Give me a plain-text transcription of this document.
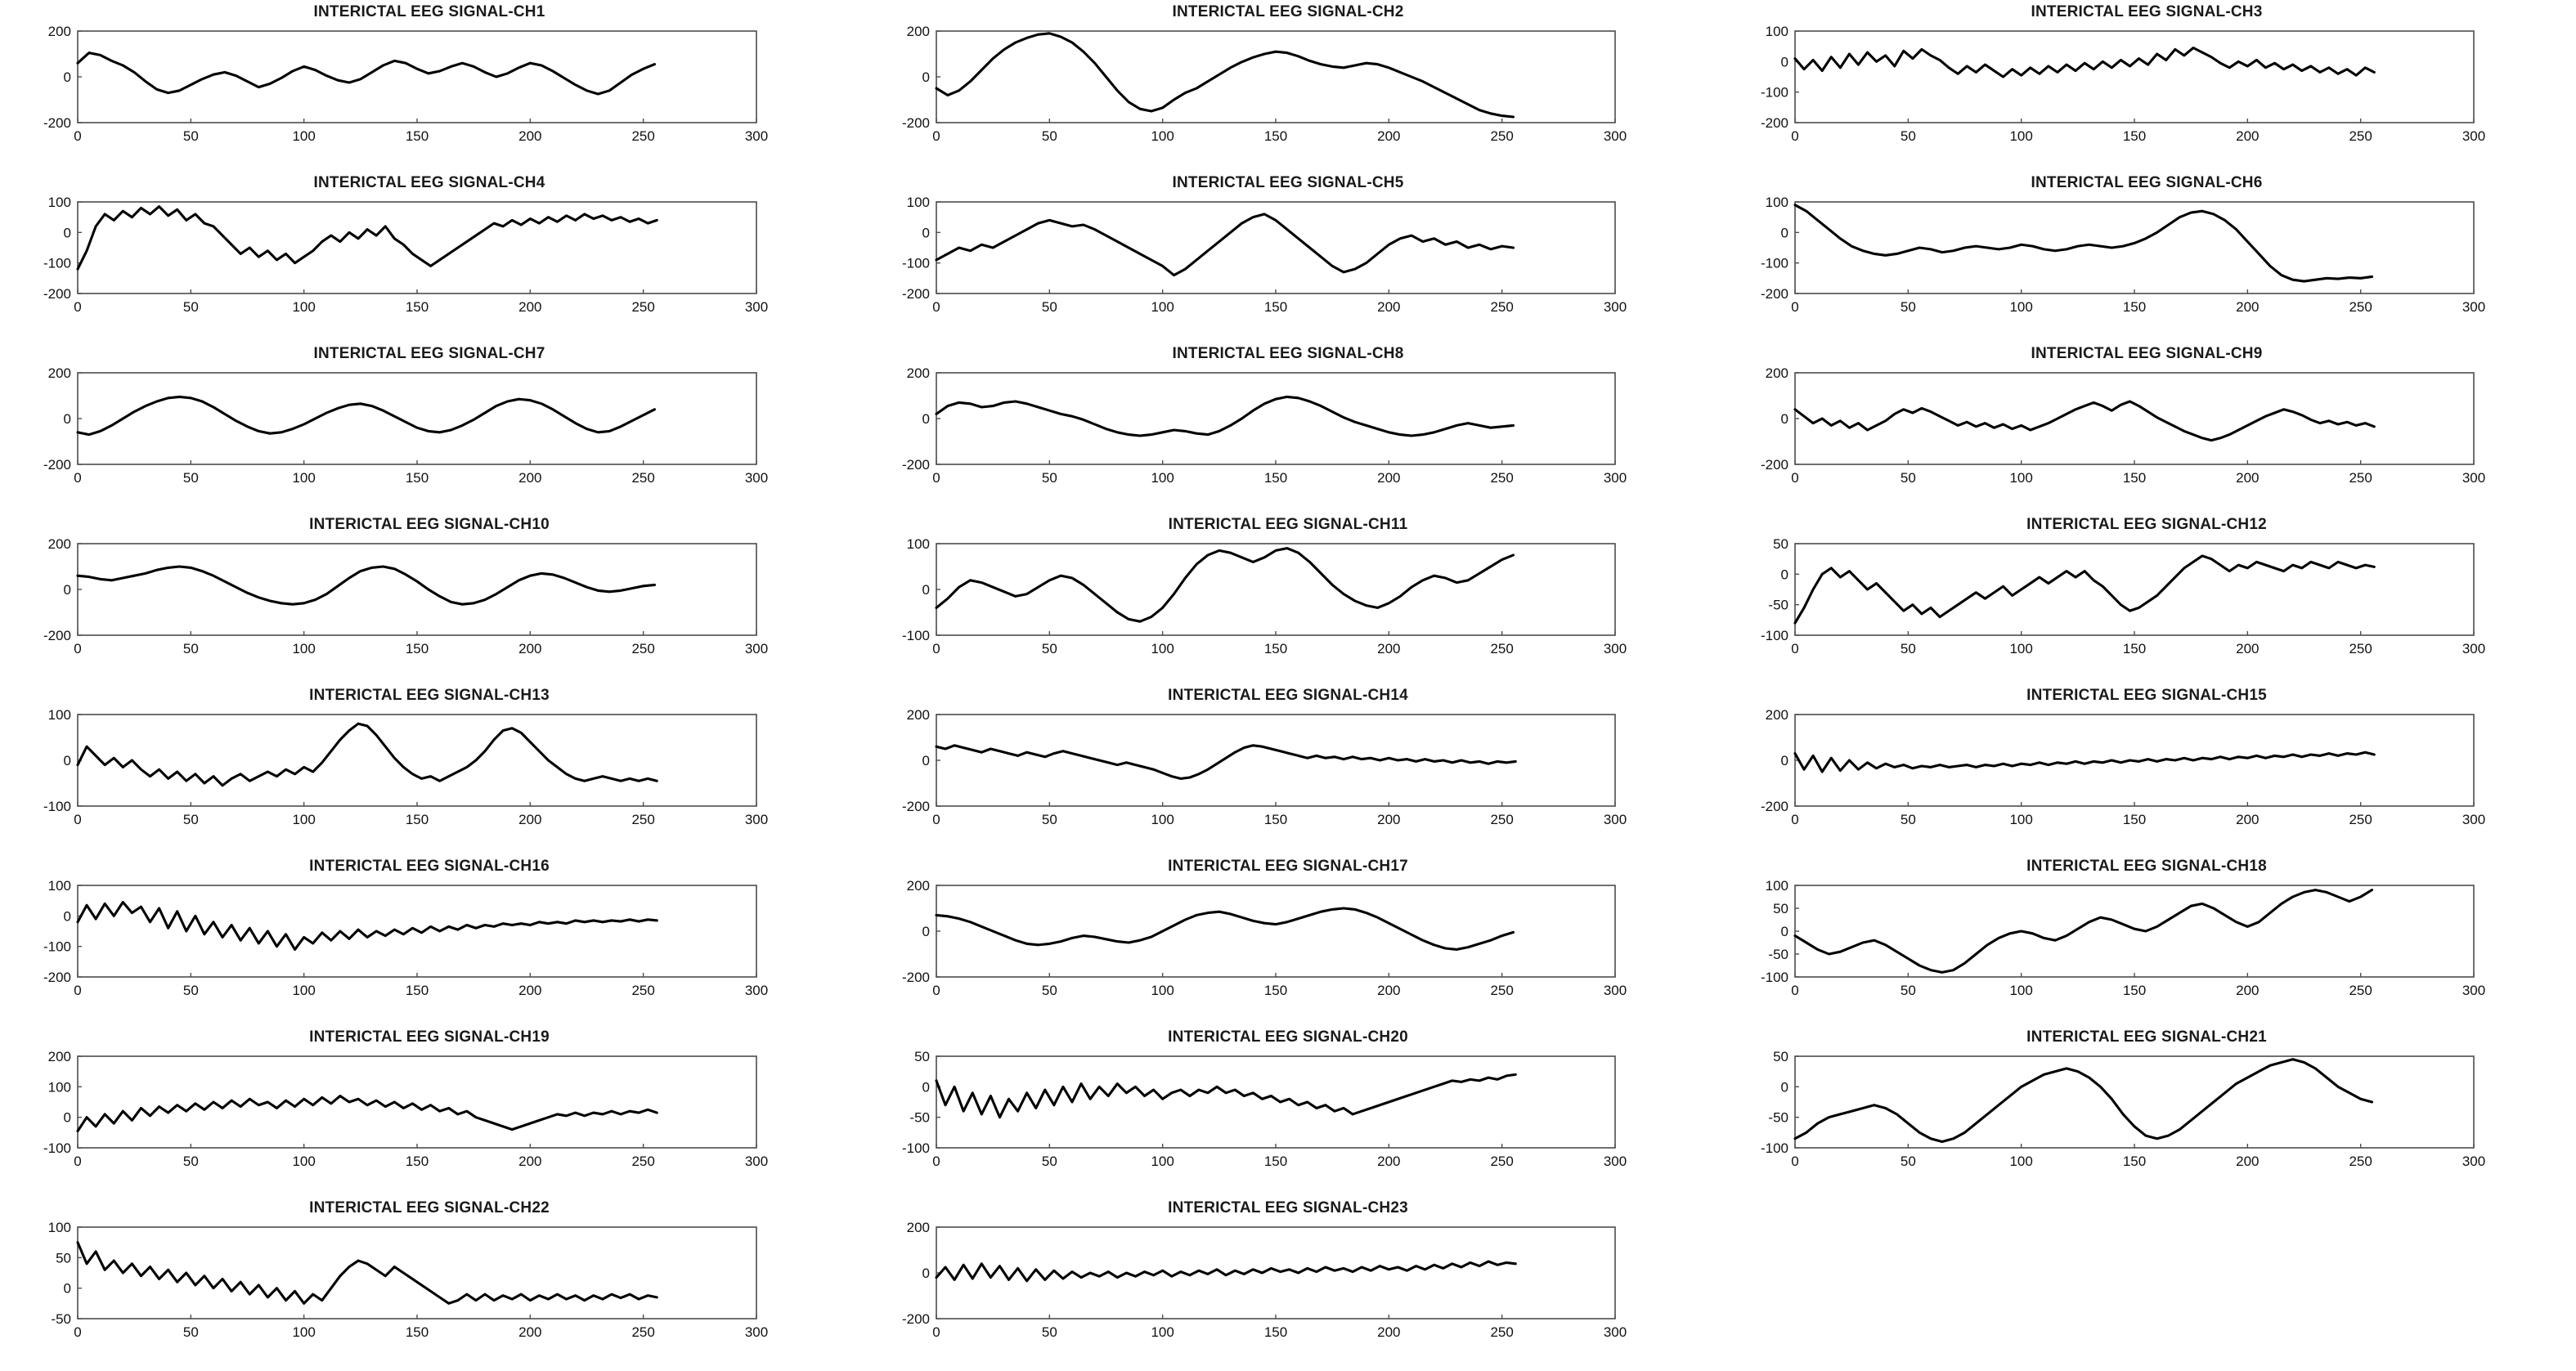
INTERICTAL EEG SIGNAL-CH1
0	50	100	150	200	250	300
-200
0
200
INTERICTAL EEG SIGNAL-CH2
0	50	100	150	200	250	300
-200
0
200
INTERICTAL EEG SIGNAL-CH3
0	50	100	150	200	250	300
-200
-100
0
100
INTERICTAL EEG SIGNAL-CH4
0	50	100	150	200	250	300
-200
-100
0
100
INTERICTAL EEG SIGNAL-CH5
0	50	100	150	200	250	300
-200
-100
0
100
INTERICTAL EEG SIGNAL-CH6
0	50	100	150	200	250	300
-200
-100
0
100
INTERICTAL EEG SIGNAL-CH7
0	50	100	150	200	250	300
-200
0
200
INTERICTAL EEG SIGNAL-CH8
0	50	100	150	200	250	300
-200
0
200
INTERICTAL EEG SIGNAL-CH9
0	50	100	150	200	250	300
-200
0
200
INTERICTAL EEG SIGNAL-CH10
0	50	100	150	200	250	300
-200
0
200
INTERICTAL EEG SIGNAL-CH11
0	50	100	150	200	250	300
-100
0
100
INTERICTAL EEG SIGNAL-CH12
0	50	100	150	200	250	300
-100
-50
0
50
INTERICTAL EEG SIGNAL-CH13
0	50	100	150	200	250	300
-100
0
100
INTERICTAL EEG SIGNAL-CH14
0	50	100	150	200	250	300
-200
0
200
INTERICTAL EEG SIGNAL-CH15
0	50	100	150	200	250	300
-200
0
200
INTERICTAL EEG SIGNAL-CH16
0	50	100	150	200	250	300
-200
-100
0
100
INTERICTAL EEG SIGNAL-CH17
0	50	100	150	200	250	300
-200
0
200
INTERICTAL EEG SIGNAL-CH18
0	50	100	150	200	250	300
-100
-50
0
50
100
INTERICTAL EEG SIGNAL-CH19
0	50	100	150	200	250	300
-100
0
100
200
INTERICTAL EEG SIGNAL-CH20
0	50	100	150	200	250	300
-100
-50
0
50
INTERICTAL EEG SIGNAL-CH21
0	50	100	150	200	250	300
-100
-50
0
50
INTERICTAL EEG SIGNAL-CH22
0	50	100	150	200	250	300
-50
0
50
100
INTERICTAL EEG SIGNAL-CH23
0	50	100	150	200	250	300
-200
0
200
